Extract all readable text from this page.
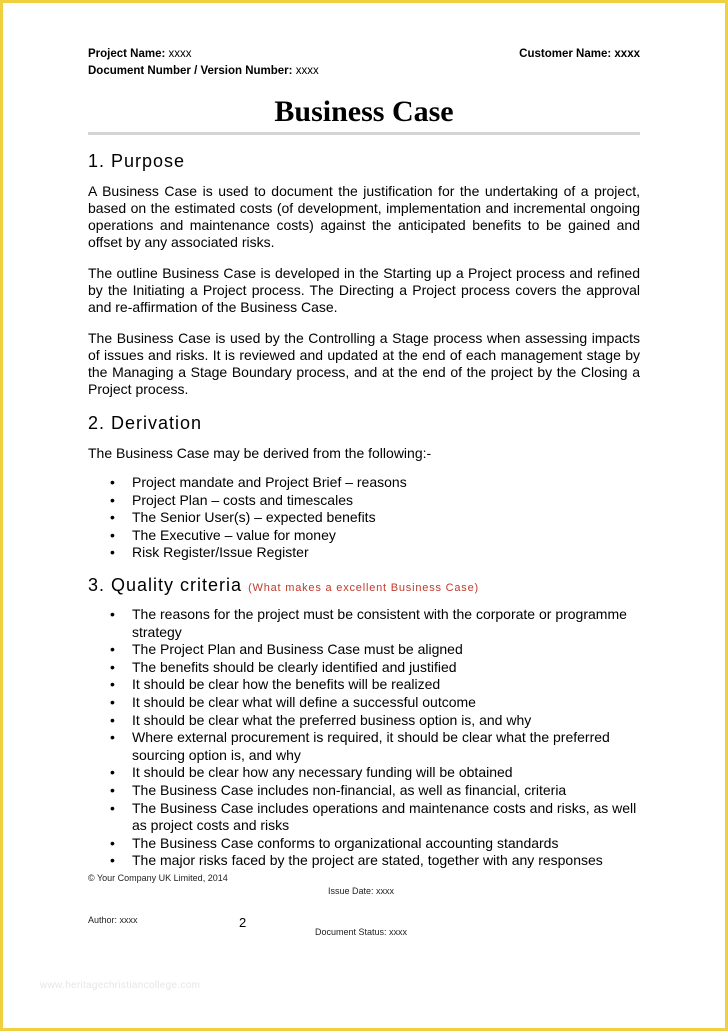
Project Name: xxxx
Document Number / Version Number: xxxx
Customer Name: xxxx
Business Case
1. Purpose

A Business Case is used to document the justification for the undertaking of a project, based on the estimated costs (of development, implementation and incremental ongoing operations and maintenance costs) against the anticipated benefits to be gained and offset by any associated risks.

The outline Business Case is developed in the Starting up a Project process and refined by the Initiating a Project process. The Directing a Project process covers the approval and re-affirmation of the Business Case.

The Business Case is used by the Controlling a Stage process when assessing impacts of issues and risks. It is reviewed and updated at the end of each management stage by the Managing a Stage Boundary process, and at the end of the project by the Closing a Project process.

2. Derivation

The Business Case may be derived from the following:-

• Project mandate and Project Brief – reasons
• Project Plan – costs and timescales
• The Senior User(s) – expected benefits
• The Executive – value for money
• Risk Register/Issue Register
3. Quality criteria (What makes a excellent Business Case)
• The reasons for the project must be consistent with the corporate or programme strategy
• The Project Plan and Business Case must be aligned
• The benefits should be clearly identified and justified
• It should be clear how the benefits will be realized
• It should be clear what will define a successful outcome
• It should be clear what the preferred business option is, and why
• Where external procurement is required, it should be clear what the preferred sourcing option is, and why
• It should be clear how any necessary funding will be obtained
• The Business Case includes non-financial, as well as financial, criteria
• The Business Case includes operations and maintenance costs and risks, as well as project costs and risks
• The Business Case conforms to organizational accounting standards
• The major risks faced by the project are stated, together with any responses
© Your Company UK Limited, 2014
Issue Date: xxxx
Author: xxxx	2
Document Status: xxxx
www.heritagechristiancollege.com
